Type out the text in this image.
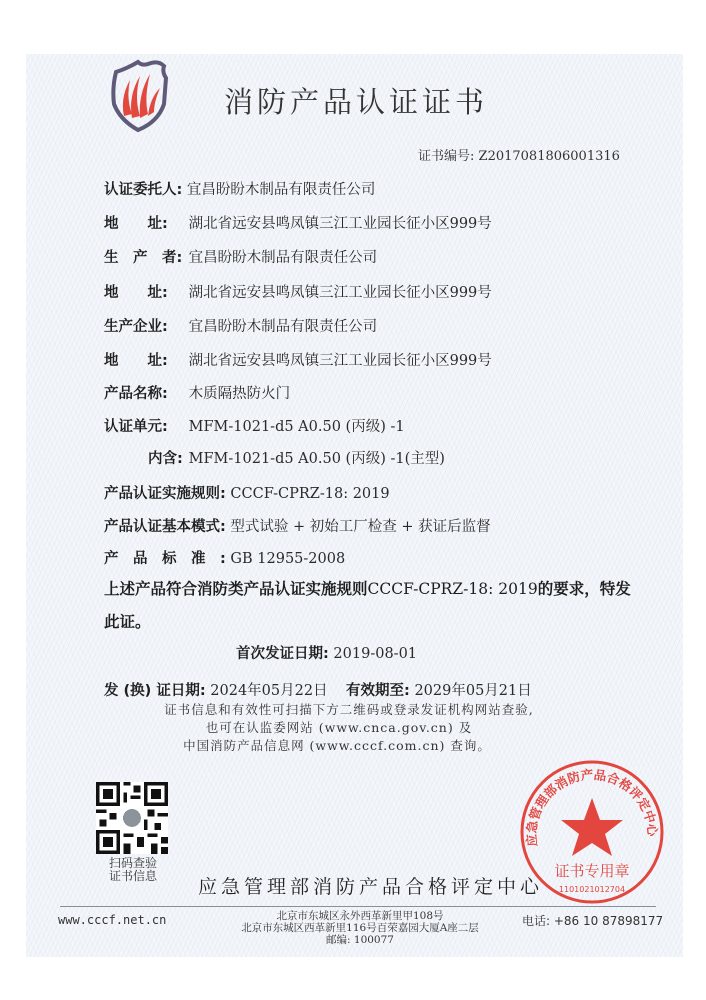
消防产品认证证书
证书编号: Z2017081806001316
认证委托人: 宜昌盼盼木制品有限责任公司
地　　址: 湖北省远安县鸣凤镇三江工业园长征小区999号
生　产　者: 宜昌盼盼木制品有限责任公司
地　　址: 湖北省远安县鸣凤镇三江工业园长征小区999号
生产企业: 宜昌盼盼木制品有限责任公司
地　　址: 湖北省远安县鸣凤镇三江工业园长征小区999号
产品名称: 木质隔热防火门
认证单元: MFM-1021-d5 A0.50 (丙级) -1
内含: MFM-1021-d5 A0.50 (丙级) -1(主型)
产品认证实施规则: CCCF-CPRZ-18: 2019
产品认证基本模式: 型式试验 + 初始工厂检查 + 获证后监督
产　品　标　准　: GB 12955-2008
上述产品符合消防类产品认证实施规则CCCF-CPRZ-18: 2019的要求，特发
此证。
首次发证日期: 2019-08-01
发 (换) 证日期: 2024年05月22日 有效期至: 2029年05月21日
证书信息和有效性可扫描下方二维码或登录发证机构网站查验,
也可在认监委网站 (www.cnca.gov.cn) 及
中国消防产品信息网 (www.cccf.com.cn) 查询。
扫码查验
证书信息	应急管理部消防产品合格评定中心
应急管理部消防产品合格评定中心
证书专用章
1101021012704
www.cccf.net.cn	北京市东城区永外西革新里甲108号
北京市东城区西革新里116号百荣嘉园大厦A座二层
邮编: 100077
电话: +86 10 87898177
